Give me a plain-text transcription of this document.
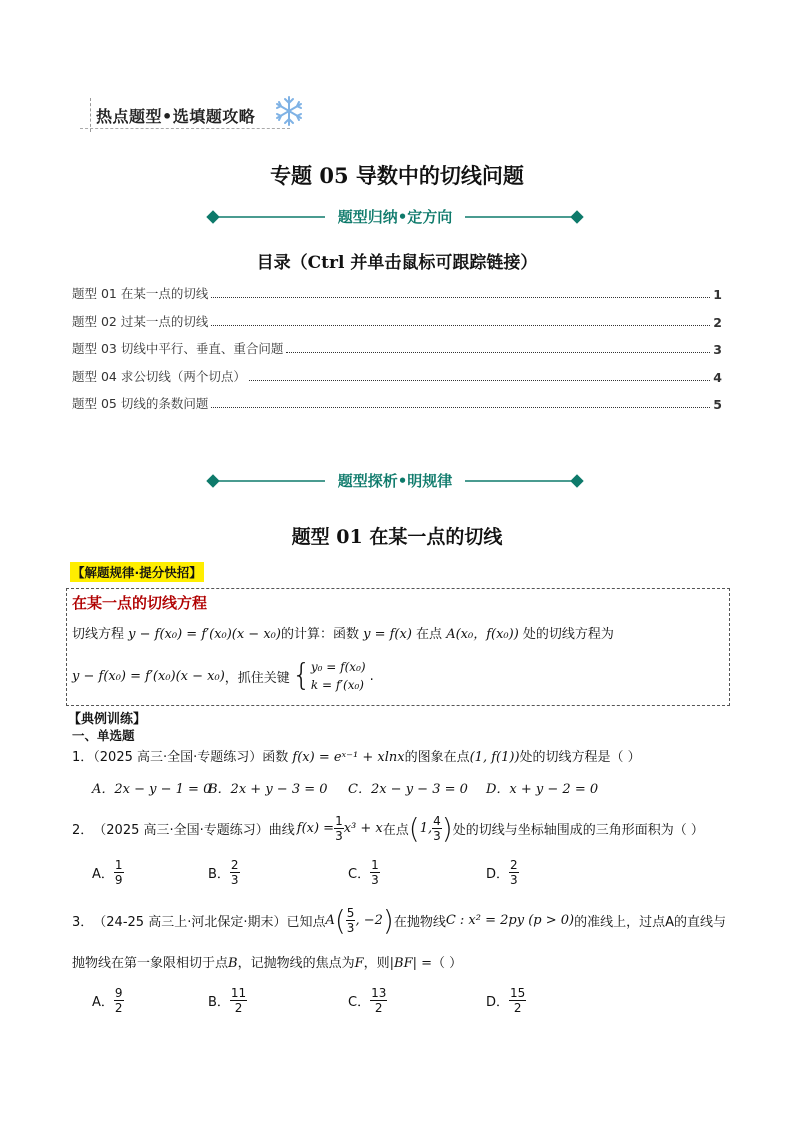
热点题型•选填题攻略
专题 05 导数中的切线问题
题型归纳•定方向
目录（Ctrl 并单击鼠标可跟踪链接）
题型 01 在某一点的切线	1
题型 02 过某一点的切线	2
题型 03 切线中平行、垂直、重合问题	3
题型 04 求公切线（两个切点）	4
题型 05 切线的条数问题	5
题型探析•明规律
题型 01 在某一点的切线
【解题规律·提分快招】
在某一点的切线方程
切线方程 y − f(x₀) = f′(x₀)(x − x₀)的计算：函数 y = f(x) 在点 A(x₀，f(x₀)) 处的切线方程为
y − f(x₀) = f′(x₀)(x − x₀) ，抓住关键 { y₀ = f(x₀)
k = f′(x₀)
.
【典例训练】
一、单选题
1．（2025 高三·全国·专题练习）函数 f(x) = eˣ⁻¹ + xlnx的图象在点(1, f(1))处的切线方程是（ ）
A．2x − y − 1 = 0
B．2x + y − 3 = 0 C．2x − y − 3 = 0 D．x + y − 2 = 0
2． （2025 高三·全国·专题练习）曲线 $f(x) = \frac{1}{3} x^3 + x$ 在点 ( 1, $\frac{4}{3}$ ) 处的切线与坐标轴围成的三角形面积为（ ）
A． $\frac{1}{9}$	B． $\frac{2}{3}$	C． $\frac{1}{3}$	D． $\frac{2}{3}$
3． （24-25 高三上·河北保定·期末）已知点 A ( $\frac{5}{3}$ , −2 ) 在抛物线 C : x² = 2py (p > 0) 的准线上，过点A的直线与
抛物线在第一象限相切于点B，记抛物线的焦点为F，则|BF| =（ ）
A． $\frac{9}{2}$	B． $\frac{11}{2}$	C． $\frac{13}{2}$	D． $\frac{15}{2}$
